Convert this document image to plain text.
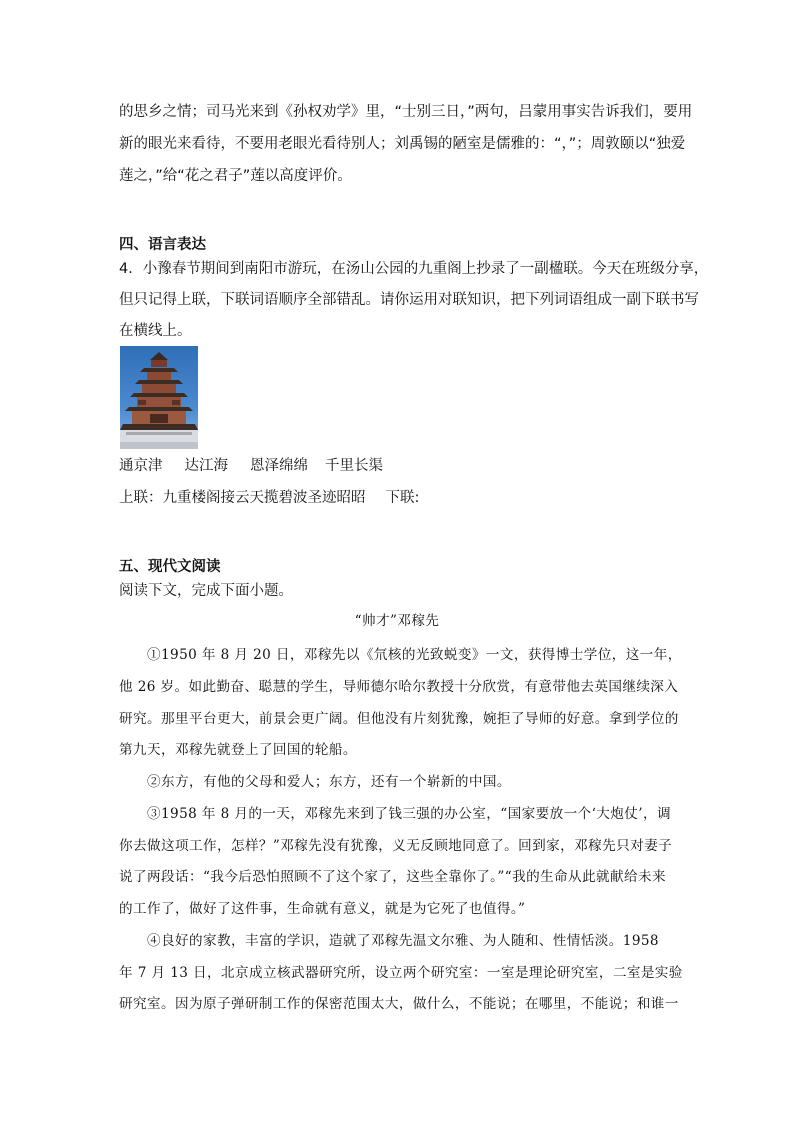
的思乡之情；司马光来到《孙权劝学》里，“士别三日，”两句，吕蒙用事实告诉我们，要用
新的眼光来看待，不要用老眼光看待别人；刘禹锡的陋室是儒雅的：“，”；周敦颐以“独爱
莲之，”给“花之君子”莲以高度评价。
四、语言表达
4．小豫春节期间到南阳市游玩，在汤山公园的九重阁上抄录了一副楹联。今天在班级分享，
但只记得上联，下联词语顺序全部错乱。请你运用对联知识，把下列词语组成一副下联书写
在横线上。
通京津 达江海 恩泽绵绵 千里长渠
上联：九重楼阁接云天揽碧波圣迹昭昭 下联:
五、现代文阅读
阅读下文，完成下面小题。
“帅才”邓稼先
①1950 年 8 月 20 日，邓稼先以《氘核的光致蜕变》一文，获得博士学位，这一年，
他 26 岁。如此勤奋、聪慧的学生，导师德尔哈尔教授十分欣赏，有意带他去英国继续深入
研究。那里平台更大，前景会更广阔。但他没有片刻犹豫，婉拒了导师的好意。拿到学位的
第九天，邓稼先就登上了回国的轮船。
②东方，有他的父母和爱人；东方，还有一个崭新的中国。
③1958 年 8 月的一天，邓稼先来到了钱三强的办公室，“国家要放一个‘大炮仗’，调
你去做这项工作，怎样？”邓稼先没有犹豫，义无反顾地同意了。回到家，邓稼先只对妻子
说了两段话：“我今后恐怕照顾不了这个家了，这些全靠你了。”“我的生命从此就献给未来
的工作了，做好了这件事，生命就有意义，就是为它死了也值得。”
④良好的家教，丰富的学识，造就了邓稼先温文尔雅、为人随和、性情恬淡。1958
年 7 月 13 日，北京成立核武器研究所，设立两个研究室：一室是理论研究室，二室是实验
研究室。因为原子弹研制工作的保密范围太大，做什么，不能说；在哪里，不能说；和谁一
